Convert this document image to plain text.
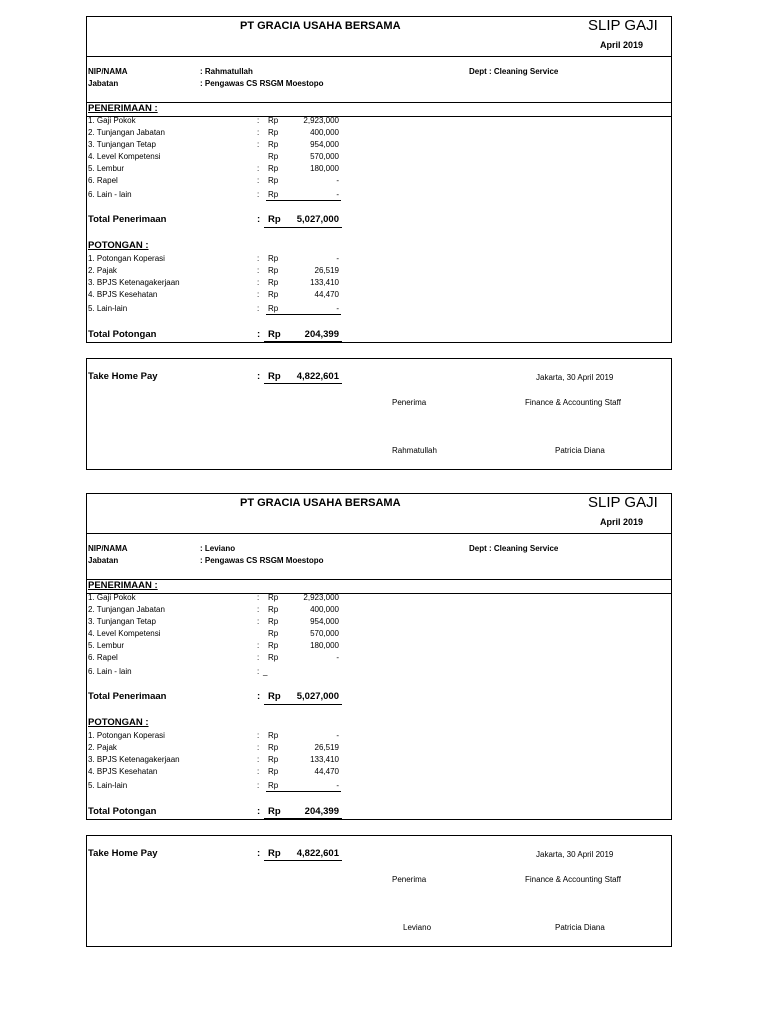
PT GRACIA USAHA BERSAMA	SLIP GAJI
April 2019
NIP/NAMA	: Rahmatullah	Dept : Cleaning Service
Jabatan	: Pengawas CS RSGM Moestopo
PENERIMAAN :
1. Gaji Pokok	: Rp	2,923,000
2. Tunjangan Jabatan	: Rp	400,000
3. Tunjangan Tetap	: Rp	954,000
4. Level Kompetensi	Rp	570,000
5. Lembur	: Rp	180,000
6. Rapel	: Rp	-
6. Lain - lain	: Rp	-
Total Penerimaan	: Rp	5,027,000
POTONGAN :
1. Potongan Koperasi	: Rp	-
2. Pajak	: Rp	26,519
3. BPJS Ketenagakerjaan	: Rp	133,410
4. BPJS Kesehatan	: Rp	44,470
5. Lain-lain	: Rp	-
Total Potongan	: Rp	204,399
Take Home Pay	: Rp	4,822,601	Jakarta, 30 April 2019
Penerima	Finance & Accounting Staff
Rahmatullah	Patricia Diana
PT GRACIA USAHA BERSAMA	SLIP GAJI
April 2019
NIP/NAMA	: Leviano	Dept : Cleaning Service
Jabatan	: Pengawas CS RSGM Moestopo
PENERIMAAN :
1. Gaji Pokok	: Rp	2,923,000
2. Tunjangan Jabatan	: Rp	400,000
3. Tunjangan Tetap	: Rp	954,000
4. Level Kompetensi	Rp	570,000
5. Lembur	: Rp	180,000
6. Rapel	: Rp	-
6. Lain - lain	: _
Total Penerimaan	: Rp	5,027,000
POTONGAN :
1. Potongan Koperasi	: Rp	-
2. Pajak	: Rp	26,519
3. BPJS Ketenagakerjaan	: Rp	133,410
4. BPJS Kesehatan	: Rp	44,470
5. Lain-lain	: Rp	-
Total Potongan	: Rp	204,399
Take Home Pay	: Rp	4,822,601	Jakarta, 30 April 2019
Penerima	Finance & Accounting Staff
Leviano	Patricia Diana
